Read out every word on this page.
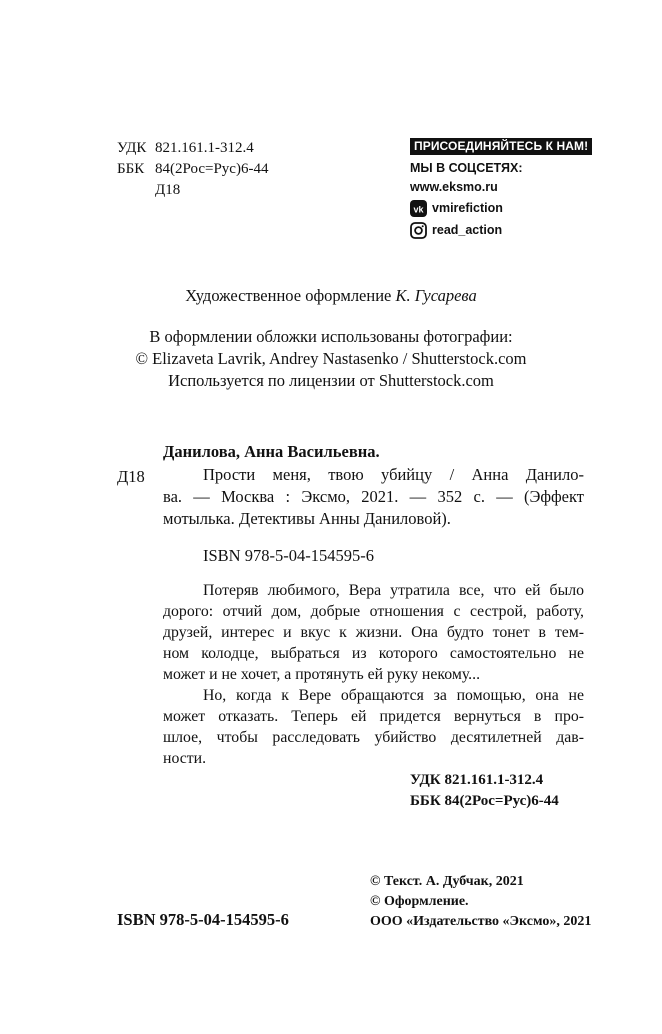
УДК 821.161.1-312.4
ББК 84(2Рос=Рус)6-44
Д18
ПРИСОЕДИНЯЙТЕСЬ К НАМ!
МЫ В СОЦСЕТЯХ:
www.eksmo.ru
vk vmirefiction
read_action
Художественное оформление К. Гусарева
В оформлении обложки использованы фотографии:
© Elizaveta Lavrik, Andrey Nastasenko / Shutterstock.com
Используется по лицензии от Shutterstock.com
Данилова, Анна Васильевна.
Д18	Прости меня, твою убийцу / Анна Данило-
ва. — Москва : Эксмо, 2021. — 352 с. — (Эффект
мотылька. Детективы Анны Даниловой).
ISBN 978-5-04-154595-6
Потеряв любимого, Вера утратила все, что ей было
дорого: отчий дом, добрые отношения с сестрой, работу,
друзей, интерес и вкус к жизни. Она будто тонет в тем-
ном колодце, выбраться из которого самостоятельно не
может и не хочет, а протянуть ей руку некому...
Но, когда к Вере обращаются за помощью, она не
может отказать. Теперь ей придется вернуться в про-
шлое, чтобы расследовать убийство десятилетней дав-
ности.
УДК 821.161.1-312.4
ББК 84(2Рос=Рус)6-44
© Текст. А. Дубчак, 2021
© Оформление.
ООО «Издательство «Эксмо», 2021
ISBN 978-5-04-154595-6
